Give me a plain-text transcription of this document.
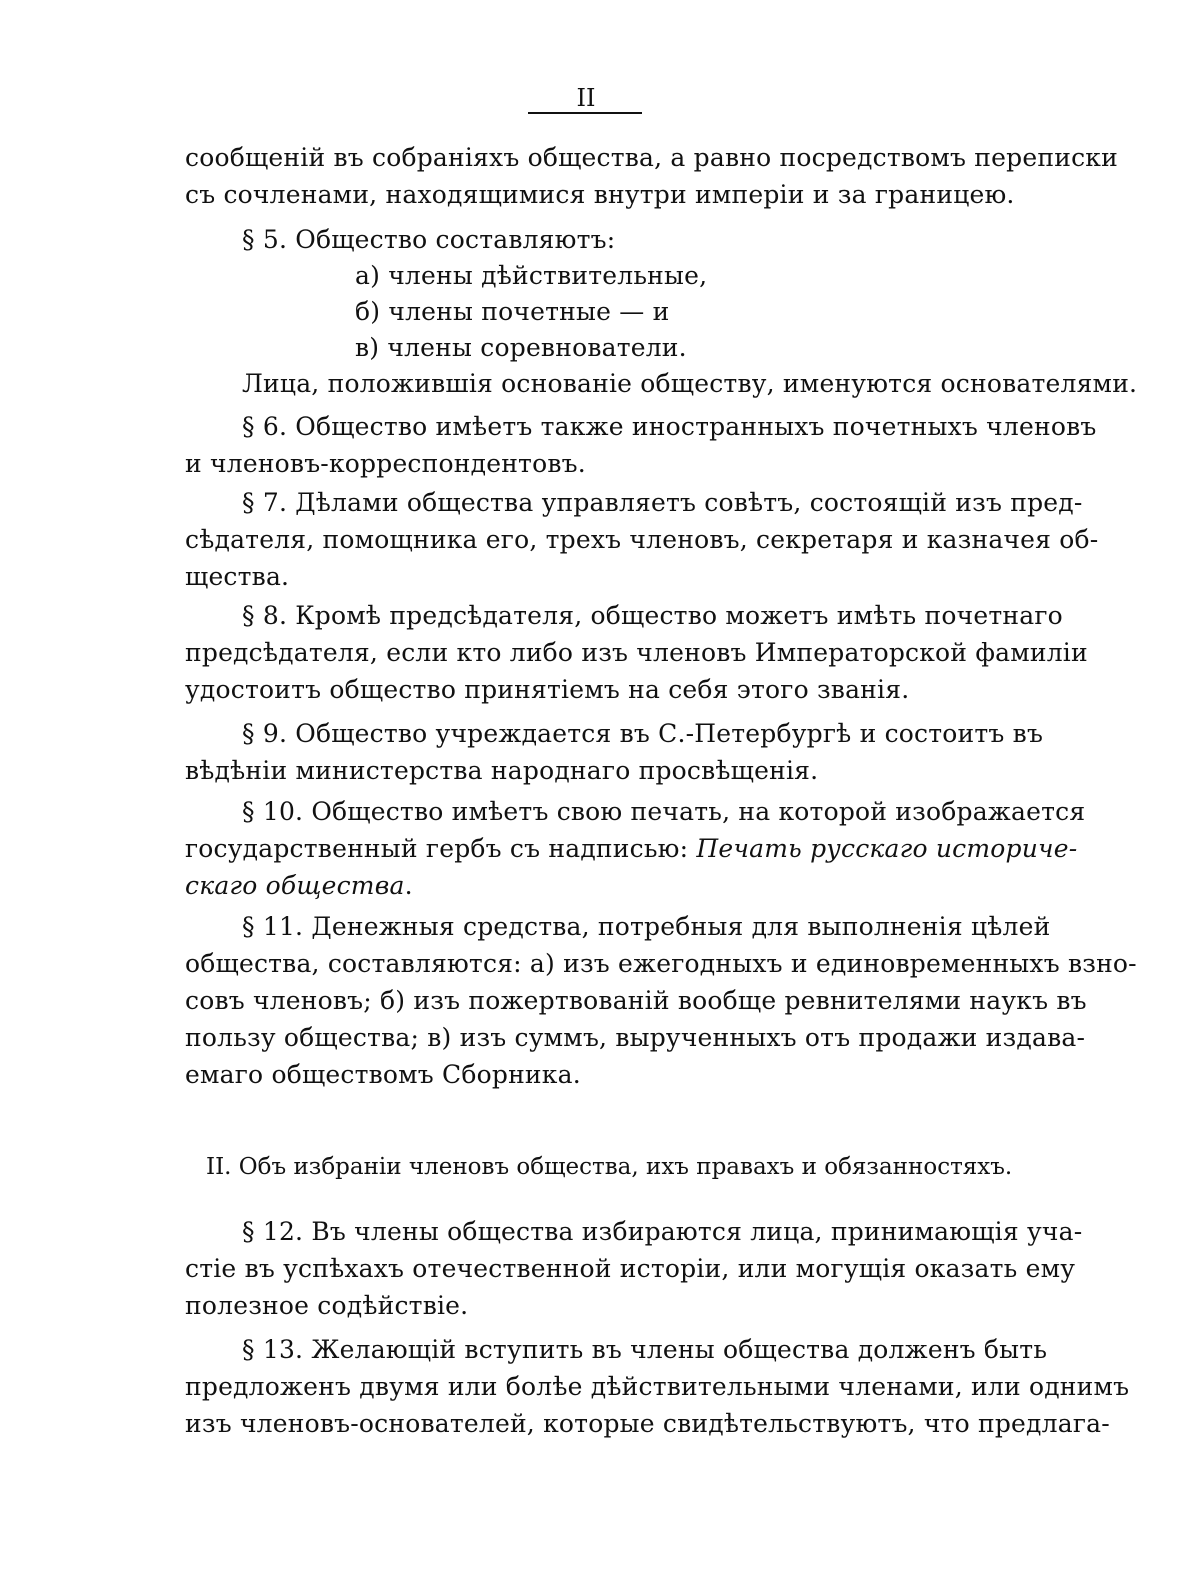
II
сообщеній въ собраніяхъ общества, а равно посредствомъ переписки
съ сочленами, находящимися внутри имперіи и за границею.
§ 5. Общество составляютъ:
а) члены дѣйствительные,
б) члены почетные — и
в) члены соревнователи.
Лица, положившія основаніе обществу, именуются основателями.
§ 6. Общество имѣетъ также иностранныхъ почетныхъ членовъ
и членовъ-корреспондентовъ.
§ 7. Дѣлами общества управляетъ совѣтъ, состоящій изъ пред-
сѣдателя, помощника его, трехъ членовъ, секретаря и казначея об-
щества.
§ 8. Кромѣ предсѣдателя, общество можетъ имѣть почетнаго
предсѣдателя, если кто либо изъ членовъ Императорской фамиліи
удостоитъ общество принятіемъ на себя этого званія.
§ 9. Общество учреждается въ С.-Петербургѣ и состоитъ въ
вѣдѣніи министерства народнаго просвѣщенія.
§ 10. Общество имѣетъ свою печать, на которой изображается
государственный гербъ съ надписью: Печать русскаго историче-
скаго общества.
§ 11. Денежныя средства, потребныя для выполненія цѣлей
общества, составляются: а) изъ ежегодныхъ и единовременныхъ взно-
совъ членовъ; б) изъ пожертвованій вообще ревнителями наукъ въ
пользу общества; в) изъ суммъ, вырученныхъ отъ продажи издава-
емаго обществомъ Сборника.
II. Объ избраніи членовъ общества, ихъ правахъ и обязанностяхъ.
§ 12. Въ члены общества избираются лица, принимающія уча-
стіе въ успѣхахъ отечественной исторіи, или могущія оказать ему
полезное содѣйствіе.
§ 13. Желающій вступить въ члены общества долженъ быть
предложенъ двумя или болѣе дѣйствительными членами, или однимъ
изъ членовъ-основателей, которые свидѣтельствуютъ, что предлага-
